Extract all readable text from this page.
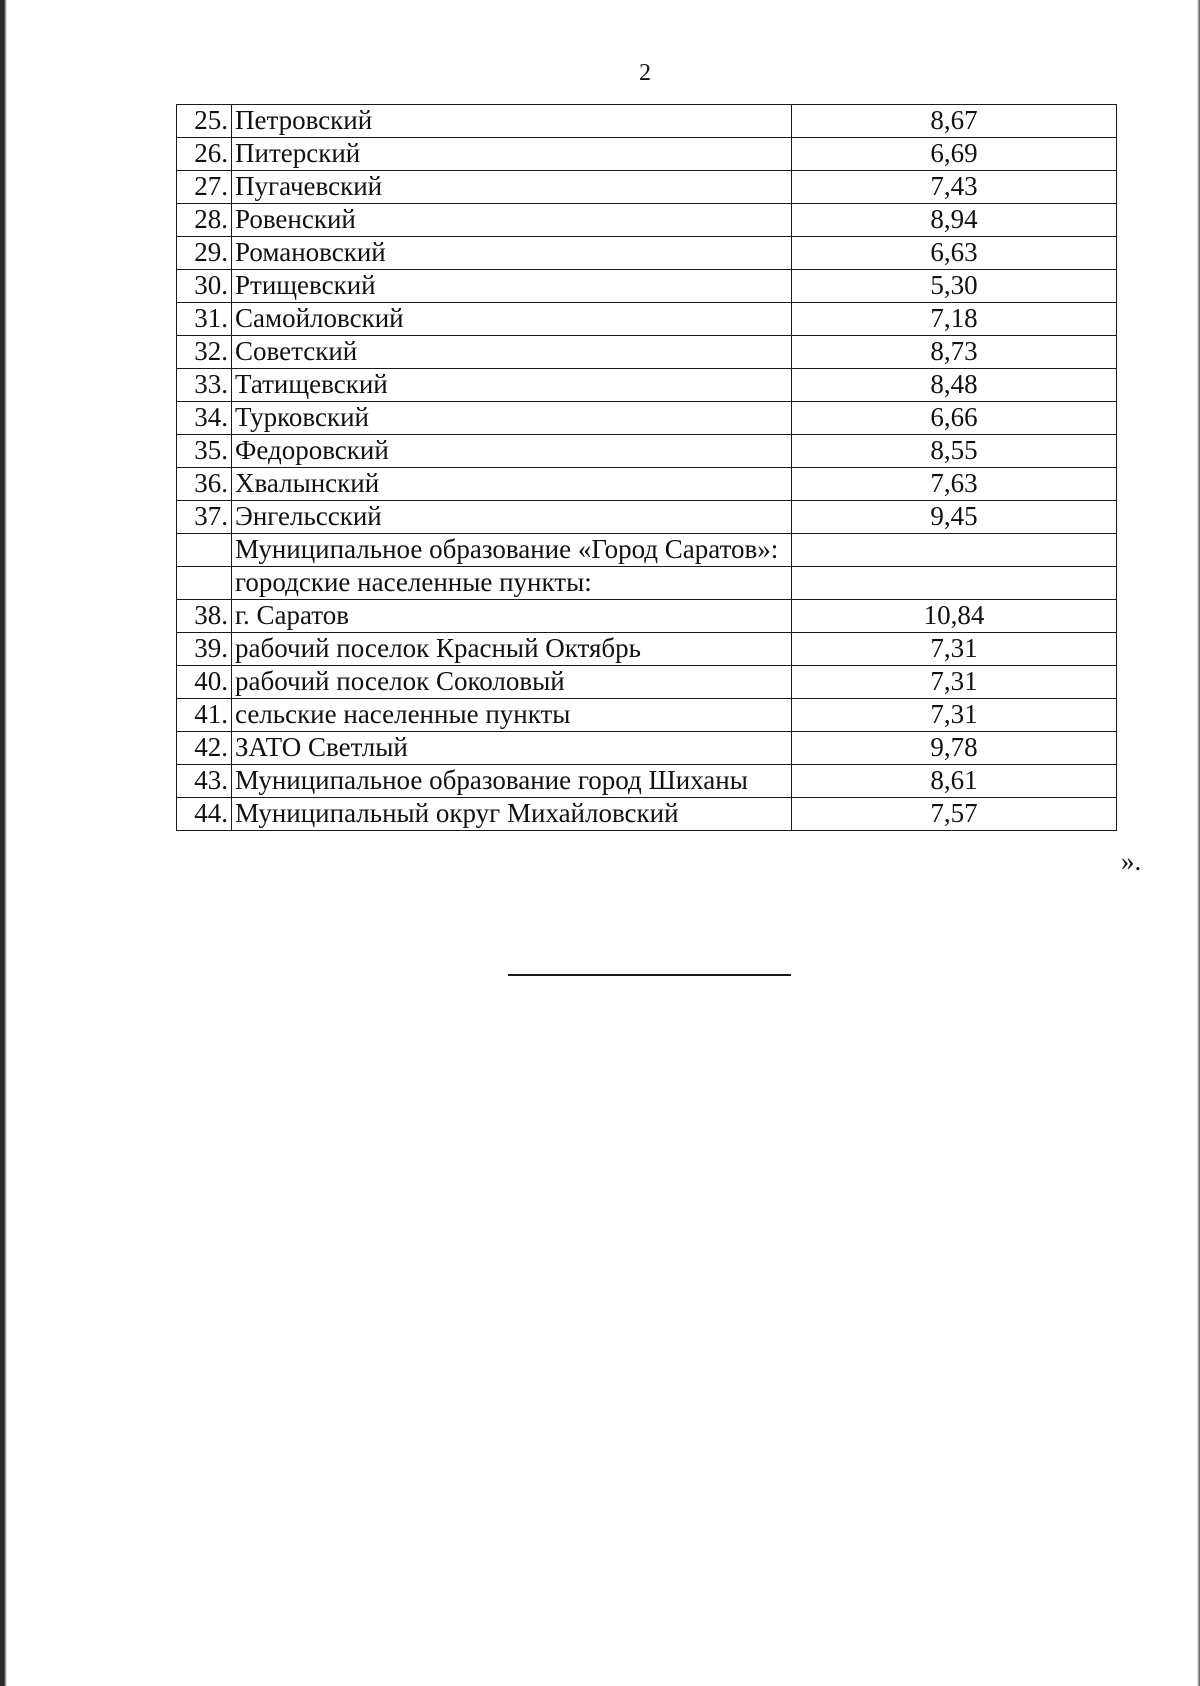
2
25.	Петровский	8,67
26.	Питерский	6,69
27.	Пугачевский	7,43
28.	Ровенский	8,94
29.	Романовский	6,63
30.	Ртищевский	5,30
31.	Самойловский	7,18
32.	Советский	8,73
33.	Татищевский	8,48
34.	Турковский	6,66
35.	Федоровский	8,55
36.	Хвалынский	7,63
37.	Энгельсский	9,45
	Муниципальное образование «Город Саратов»:	
	городские населенные пункты:	
38.	г. Саратов	10,84
39.	рабочий поселок Красный Октябрь	7,31
40.	рабочий поселок Соколовый	7,31
41.	сельские населенные пункты	7,31
42.	ЗАТО Светлый	9,78
43.	Муниципальное образование город Шиханы	8,61
44.	Муниципальный округ Михайловский	7,57
».
